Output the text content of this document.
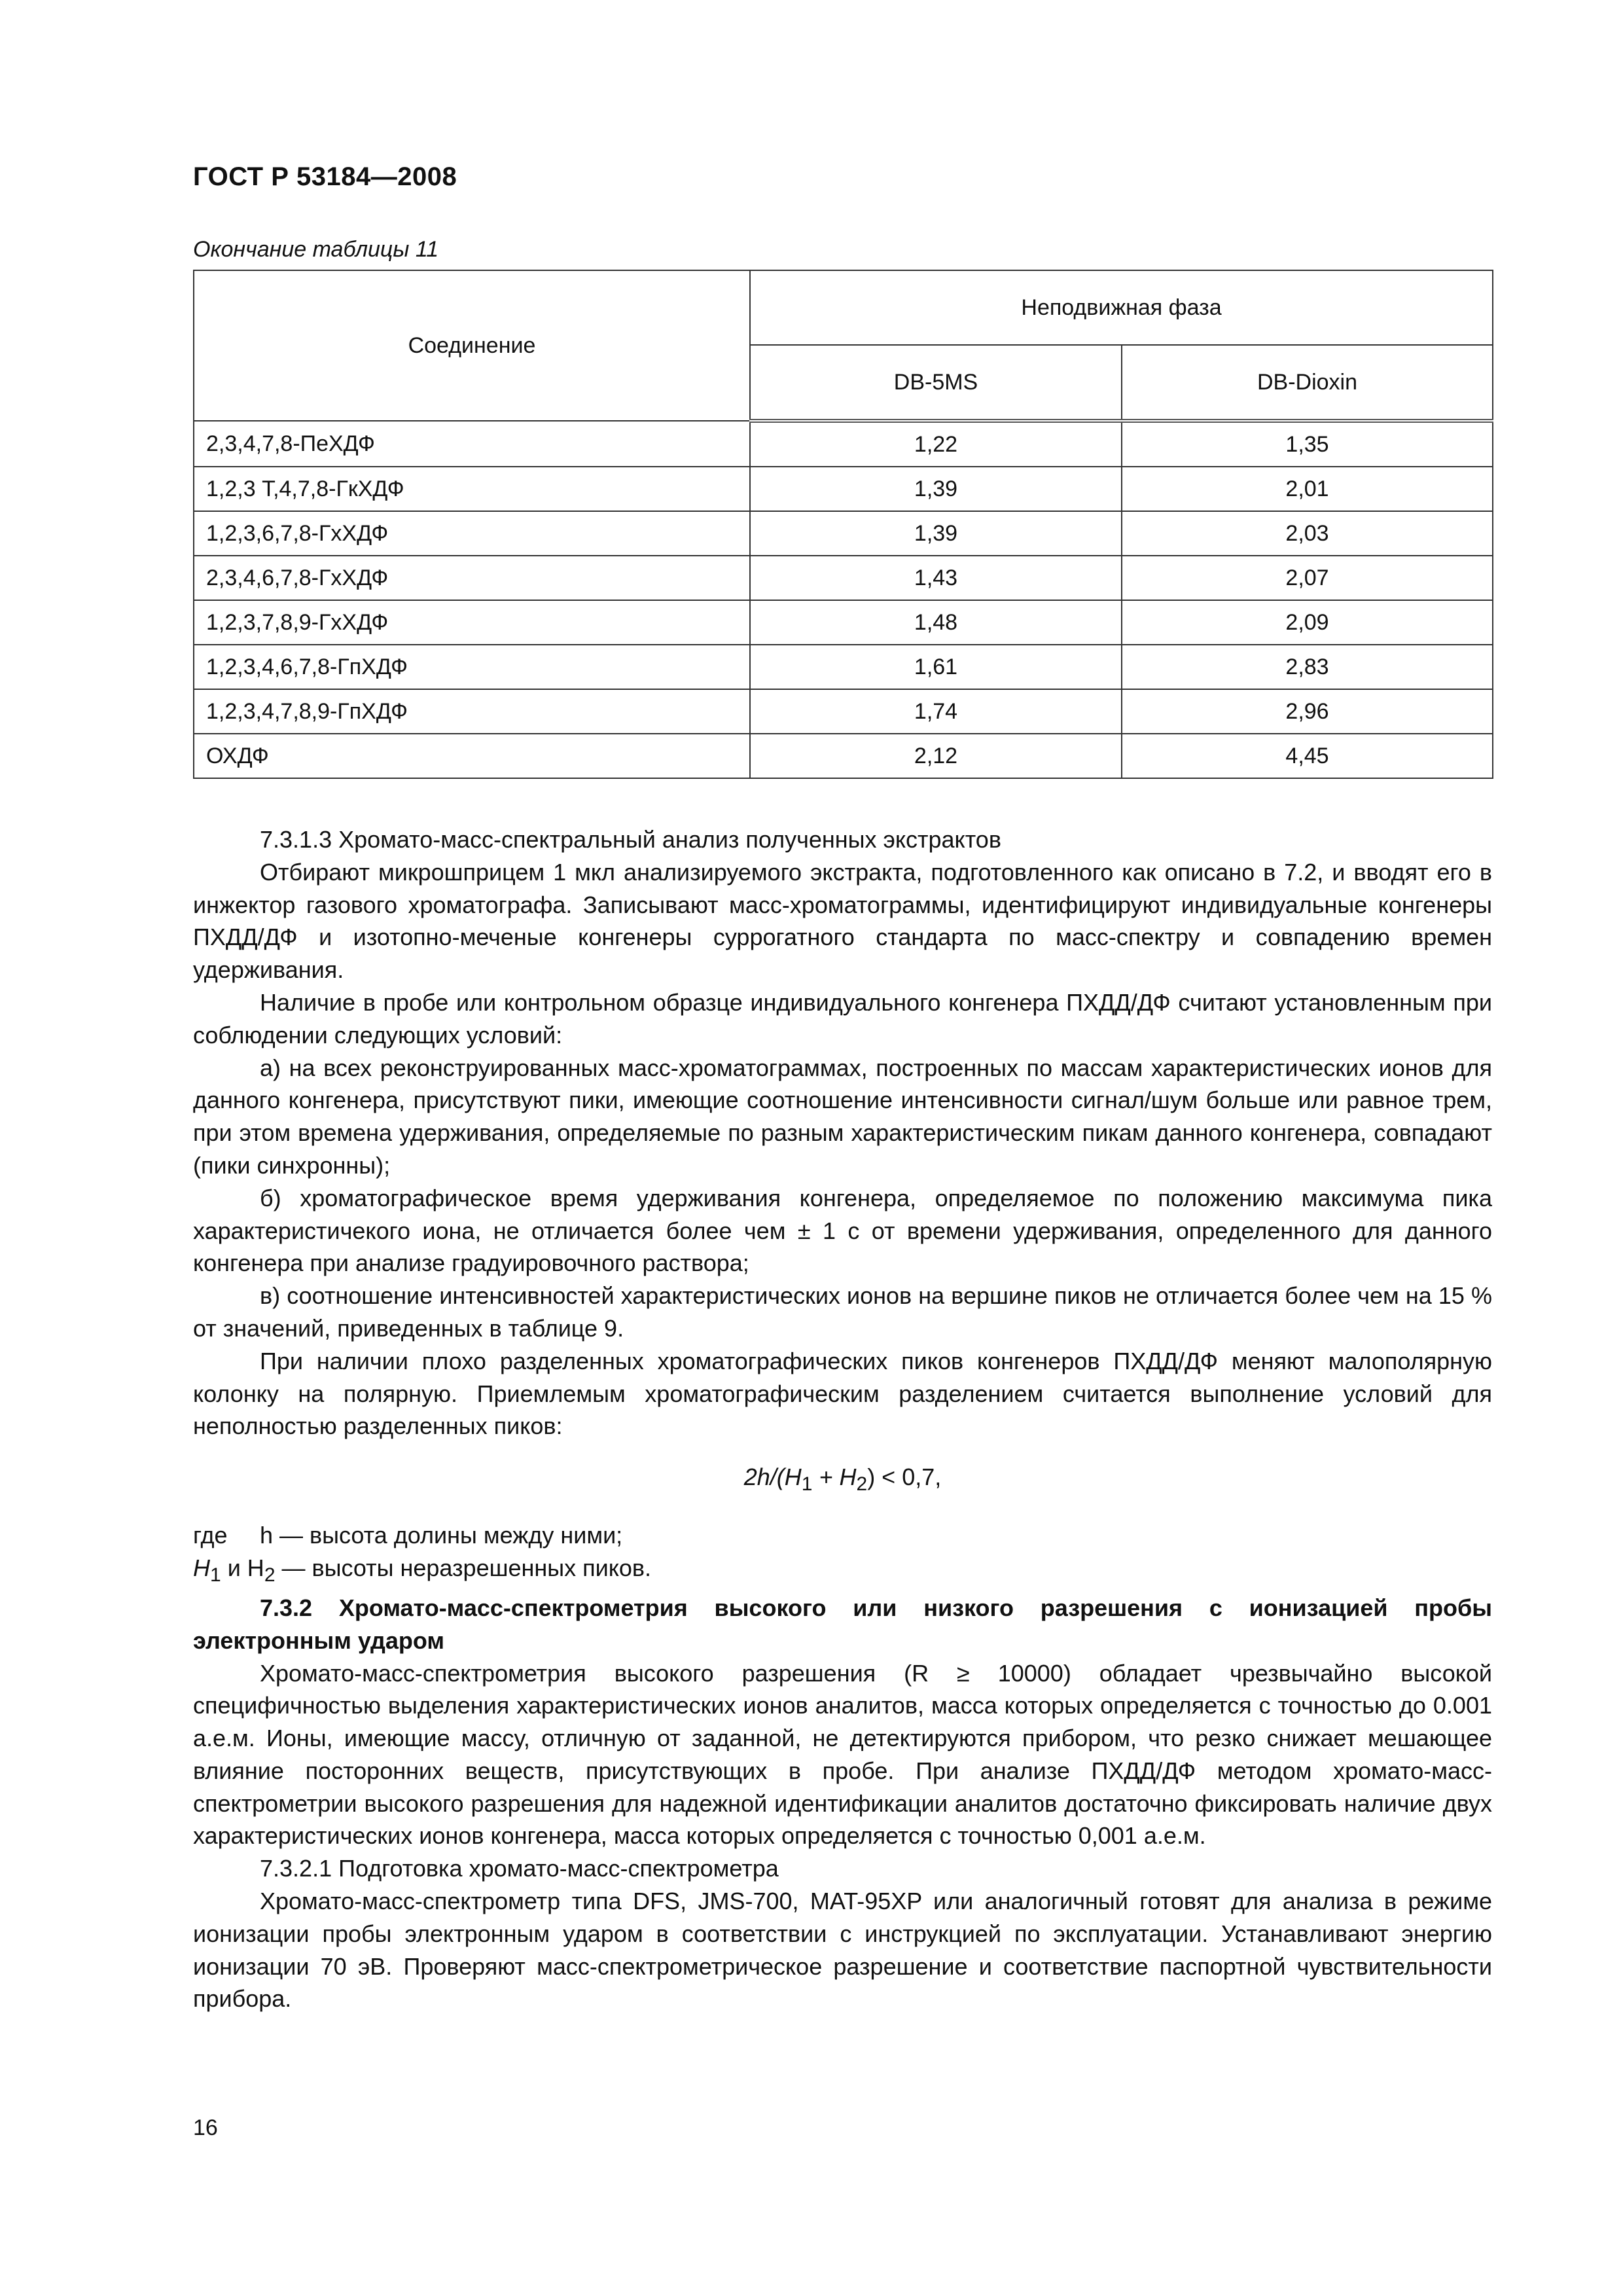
ГОСТ Р 53184—2008
Окончание таблицы 11
Соединение	Неподвижная фаза	
	DB-5MS	DB-Dioxin
2,3,4,7,8-ПеХДФ	1,22	1,35
1,2,3 Т,4,7,8-ГкХДФ	1,39	2,01
1,2,3,6,7,8-ГхХДФ	1,39	2,03
2,3,4,6,7,8-ГхХДФ	1,43	2,07
1,2,3,7,8,9-ГхХДФ	1,48	2,09
1,2,3,4,6,7,8-ГпХДФ	1,61	2,83
1,2,3,4,7,8,9-ГпХДФ	1,74	2,96
ОХДФ	2,12	4,45

7.3.1.3 Хромато-масс-спектральный анализ полученных экстрактов

Отбирают микрошприцем 1 мкл анализируемого экстракта, подготовленного как описано в 7.2, и вводят его в инжектор газового хроматографа. Записывают масс-хроматограммы, идентифицируют индивидуальные конгенеры ПХДД/ДФ и изотопно-меченые конгенеры суррогатного стандарта по масс-спектру и совпадению времен удерживания.

Наличие в пробе или контрольном образце индивидуального конгенера ПХДД/ДФ считают установленным при соблюдении следующих условий:

а) на всех реконструированных масс-хроматограммах, построенных по массам характеристических ионов для данного конгенера, присутствуют пики, имеющие соотношение интенсивности сигнал/шум больше или равное трем, при этом времена удерживания, определяемые по разным характеристическим пикам данного конгенера, совпадают (пики синхронны);

б) хроматографическое время удерживания конгенера, определяемое по положению максимума пика характеристичекого иона, не отличается более чем ± 1 с от времени удерживания, определенного для данного конгенера при анализе градуировочного раствора;

в) соотношение интенсивностей характеристических ионов на вершине пиков не отличается более чем на 15 % от значений, приведенных в таблице 9.

При наличии плохо разделенных хроматографических пиков конгенеров ПХДД/ДФ меняют малополярную колонку на полярную. Приемлемым хроматографическим разделением считается выполнение условий для неполностью разделенных пиков:

$2h/(H_1 + H_2) < 0,7$,

где h — высота долины между ними;

$H_1$ и $H_2$ — высоты неразрешенных пиков.

7.3.2 Хромато-масс-спектрометрия высокого или низкого разрешения с ионизацией пробы электронным ударом

Хромато-масс-спектрометрия высокого разрешения (R ≥ 10000) обладает чрезвычайно высокой специфичностью выделения характеристических ионов аналитов, масса которых определяется с точностью до 0.001 а.е.м. Ионы, имеющие массу, отличную от заданной, не детектируются прибором, что резко снижает мешающее влияние посторонних веществ, присутствующих в пробе. При анализе ПХДД/ДФ методом хромато-масс-спектрометрии высокого разрешения для надежной идентификации аналитов достаточно фиксировать наличие двух характеристических ионов конгенера, масса которых определяется с точностью 0,001 а.е.м.

7.3.2.1 Подготовка хромато-масс-спектрометра

Хромато-масс-спектрометр типа DFS, JMS-700, MAT-95XP или аналогичный готовят для анализа в режиме ионизации пробы электронным ударом в соответствии с инструкцией по эксплуатации. Устанавливают энергию ионизации 70 эВ. Проверяют масс-спектрометрическое разрешение и соответствие паспортной чувствительности прибора.

16
